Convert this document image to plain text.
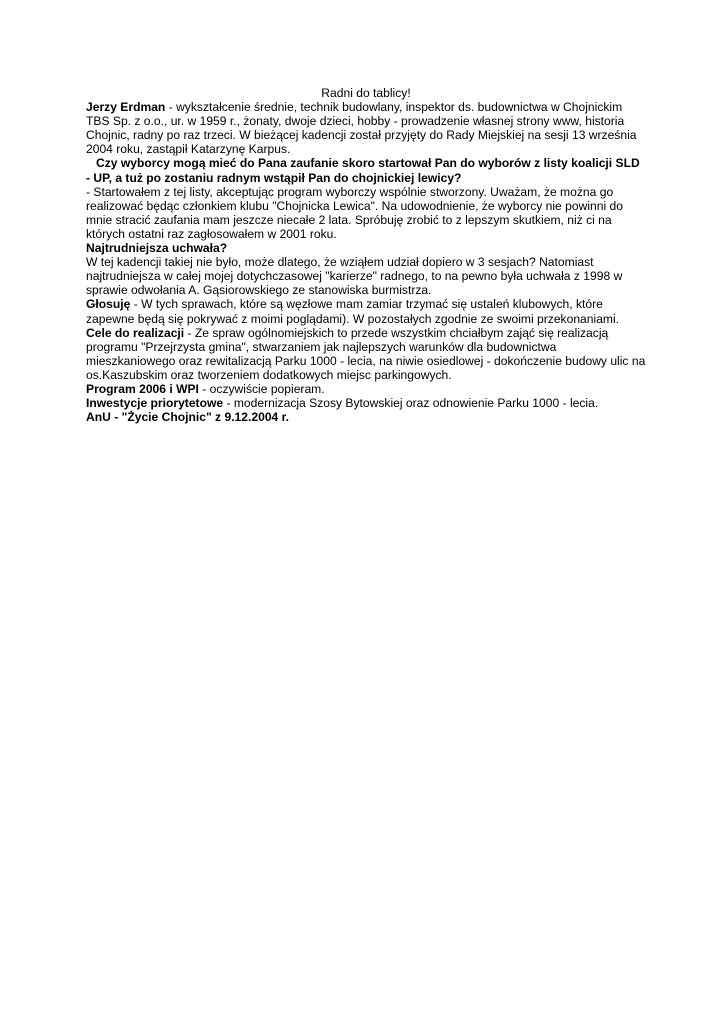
Radni do tablicy!

Jerzy Erdman - wykształcenie średnie, technik budowlany, inspektor ds. budownictwa w Chojnickim TBS Sp. z o.o., ur. w 1959 r., żonaty, dwoje dzieci, hobby - prowadzenie własnej strony www, historia Chojnic, radny po raz trzeci. W bieżącej kadencji został przyjęty do Rady Miejskiej na sesji 13 września 2004 roku, zastąpił Katarzynę Karpus.

Czy wyborcy mogą mieć do Pana zaufanie skoro startował Pan do wyborów z listy koalicji SLD - UP, a tuż po zostaniu radnym wstąpił Pan do chojnickiej lewicy?

- Startowałem z tej listy, akceptując program wyborczy wspólnie stworzony. Uważam, że można go realizować będąc członkiem klubu "Chojnicka Lewica". Na udowodnienie, że wyborcy nie powinni do mnie stracić zaufania mam jeszcze niecałe 2 lata. Spróbuję zrobić to z lepszym skutkiem, niż ci na których ostatni raz zagłosowałem w 2001 roku.

Najtrudniejsza uchwała?

W tej kadencji takiej nie było, może dlatego, że wziąłem udział dopiero w 3 sesjach? Natomiast najtrudniejsza w całej mojej dotychczasowej "karierze" radnego, to na pewno była uchwała z 1998 w sprawie odwołania A. Gąsiorowskiego ze stanowiska burmistrza.

Głosuję - W tych sprawach, które są węzłowe mam zamiar trzymać się ustaleń klubowych, które zapewne będą się pokrywać z moimi poglądami). W pozostałych zgodnie ze swoimi przekonaniami.

Cele do realizacji - Ze spraw ogólnomiejskich to przede wszystkim chciałbym zająć się realizacją programu "Przejrzysta gmina", stwarzaniem jak najlepszych warunków dla budownictwa mieszkaniowego oraz rewitalizacją Parku 1000 - lecia, na niwie osiedlowej - dokończenie budowy ulic na os.Kaszubskim oraz tworzeniem dodatkowych miejsc parkingowych.

Program 2006 i WPI - oczywiście popieram.

Inwestycje priorytetowe - modernizacja Szosy Bytowskiej oraz odnowienie Parku 1000 - lecia.

AnU - "Życie Chojnic" z 9.12.2004 r.
